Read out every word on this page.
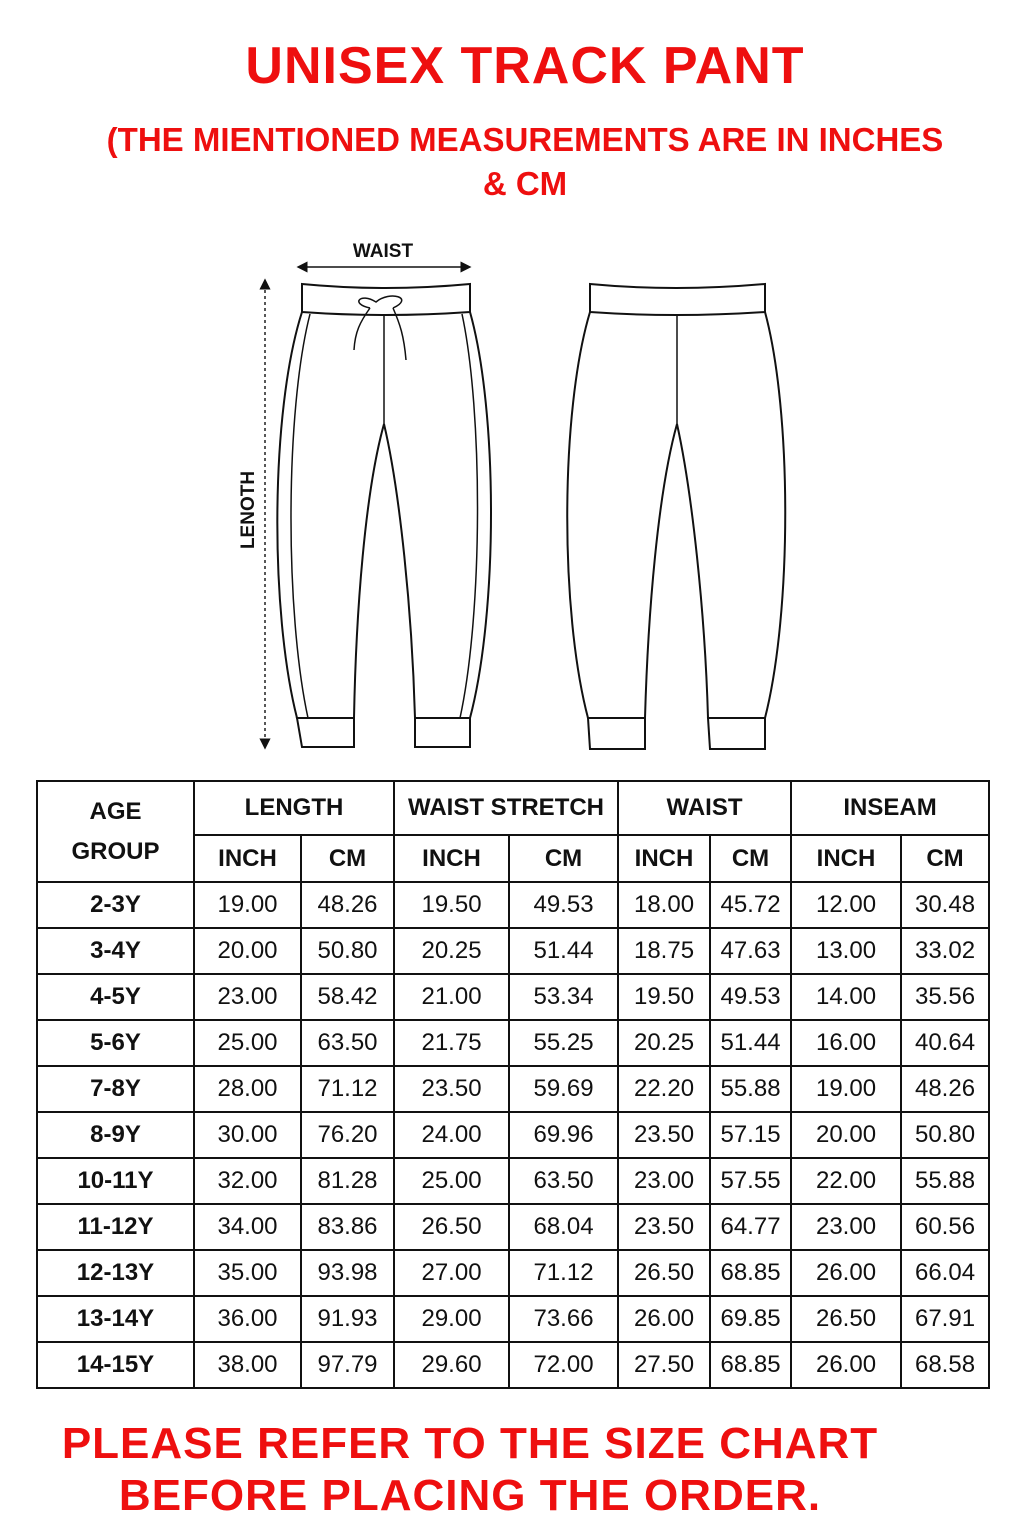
UNISEX TRACK PANT
(THE MIENTIONED MEASUREMENTS ARE IN INCHES
& CM
WAIST
LENOTH
AGE
GROUP	LENGTH		WAIST STRETCH		WAIST		INSEAM	
	INCH	CM	INCH	CM	INCH	CM	INCH	CM
2-3Y	19.00	48.26	19.50	49.53	18.00	45.72	12.00	30.48
3-4Y	20.00	50.80	20.25	51.44	18.75	47.63	13.00	33.02
4-5Y	23.00	58.42	21.00	53.34	19.50	49.53	14.00	35.56
5-6Y	25.00	63.50	21.75	55.25	20.25	51.44	16.00	40.64
7-8Y	28.00	71.12	23.50	59.69	22.20	55.88	19.00	48.26
8-9Y	30.00	76.20	24.00	69.96	23.50	57.15	20.00	50.80
10-11Y	32.00	81.28	25.00	63.50	23.00	57.55	22.00	55.88
11-12Y	34.00	83.86	26.50	68.04	23.50	64.77	23.00	60.56
12-13Y	35.00	93.98	27.00	71.12	26.50	68.85	26.00	66.04
13-14Y	36.00	91.93	29.00	73.66	26.00	69.85	26.50	67.91
14-15Y	38.00	97.79	29.60	72.00	27.50	68.85	26.00	68.58
PLEASE REFER TO THE SIZE CHART
BEFORE PLACING THE ORDER.
